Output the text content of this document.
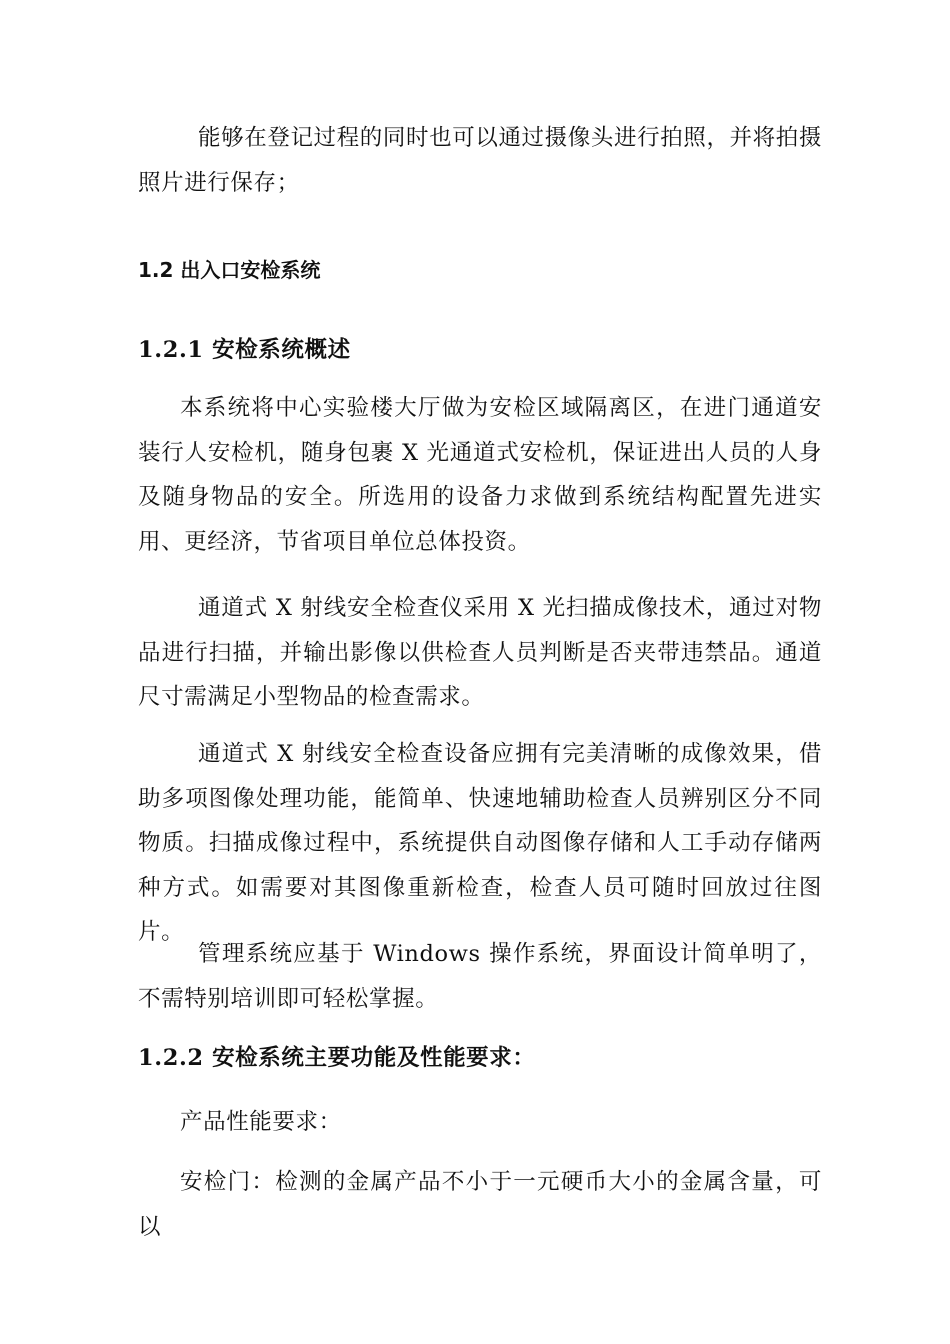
能够在登记过程的同时也可以通过摄像头进行拍照，并将拍摄照片进行保存；

1.2 出入口安检系统
1.2.1 安检系统概述

本系统将中心实验楼大厅做为安检区域隔离区，在进门通道安装行人安检机，随身包裹 X 光通道式安检机，保证进出人员的人身及随身物品的安全。所选用的设备力求做到系统结构配置先进实用、更经济，节省项目单位总体投资。

通道式 X 射线安全检查仪采用 X 光扫描成像技术，通过对物品进行扫描，并输出影像以供检查人员判断是否夹带违禁品。通道尺寸需满足小型物品的检查需求。

通道式 X 射线安全检查设备应拥有完美清晰的成像效果，借助多项图像处理功能，能简单、快速地辅助检查人员辨别区分不同物质。扫描成像过程中，系统提供自动图像存储和人工手动存储两种方式。如需要对其图像重新检查，检查人员可随时回放过往图片。

管理系统应基于 Windows 操作系统，界面设计简单明了，不需特别培训即可轻松掌握。

1.2.2 安检系统主要功能及性能要求：

产品性能要求：

安检门：检测的金属产品不小于一元硬币大小的金属含量，可以
